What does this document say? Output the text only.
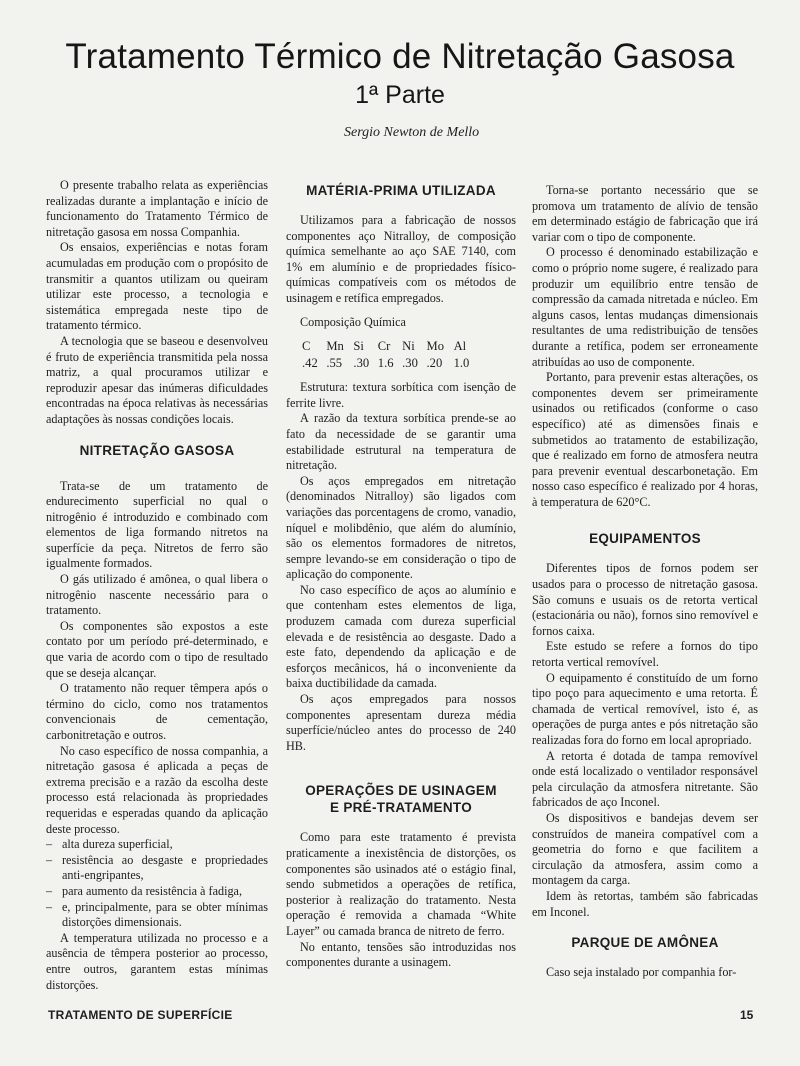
Tratamento Térmico de Nitretação Gasosa
1ª Parte
Sergio Newton de Mello

O presente trabalho relata as experiências realizadas durante a implantação e início de funcionamento do Tratamento Térmico de nitretação gasosa em nossa Companhia.

Os ensaios, experiências e notas foram acumuladas em produção com o propósito de transmitir a quantos utilizam ou queiram utilizar este processo, a tecnologia e sistemática empregada neste tipo de tratamento térmico.

A tecnologia que se baseou e desenvolveu é fruto de experiência transmitida pela nossa matriz, a qual procuramos utilizar e reproduzir apesar das inúmeras dificuldades encontradas na época relativas às necessárias adaptações às nossas condições locais.

NITRETAÇÃO GASOSA

Trata-se de um tratamento de endurecimento superficial no qual o nitrogênio é introduzido e combinado com elementos de liga formando nitretos na superfície da peça. Nitretos de ferro são igualmente formados.

O gás utilizado é amônea, o qual libera o nitrogênio nascente necessário para o tratamento.

Os componentes são expostos a este contato por um período pré-determinado, e que varia de acordo com o tipo de resultado que se deseja alcançar.

O tratamento não requer têmpera após o término do ciclo, como nos tratamentos convencionais de cementação, carbonitretação e outros.

No caso específico de nossa companhia, a nitretação gasosa é aplicada a peças de extrema precisão e a razão da escolha deste processo está relacionada às propriedades requeridas e esperadas quando da aplicação deste processo.

– alta dureza superficial,
– resistência ao desgaste e propriedades anti-engripantes,
– para aumento da resistência à fadiga,
– e, principalmente, para se obter mínimas distorções dimensionais.

A temperatura utilizada no processo e a ausência de têmpera posterior ao processo, entre outros, garantem estas mínimas distorções.

MATÉRIA-PRIMA UTILIZADA

Utilizamos para a fabricação de nossos componentes aço Nitralloy, de composição química semelhante ao aço SAE 7140, com 1% em alumínio e de propriedades físico-químicas compatíveis com os métodos de usinagem e retífica empregados.

Composição Química

C	Mn	Si	Cr	Ni	Mo	Al
.42	.55	.30	1.6	.30	.20	1.0

Estrutura: textura sorbítica com isenção de ferrite livre.

A razão da textura sorbítica prende-se ao fato da necessidade de se garantir uma estabilidade estrutural na temperatura de nitretação.

Os aços empregados em nitretação (denominados Nitralloy) são ligados com variações das porcentagens de cromo, vanadio, níquel e molibdênio, que além do alumínio, são os elementos formadores de nitretos, sempre levando-se em consideração o tipo de aplicação do componente.

No caso específico de aços ao alumínio e que contenham estes elementos de liga, produzem camada com dureza superficial elevada e de resistência ao desgaste. Dado a este fato, dependendo da aplicação e de esforços mecânicos, há o inconveniente da baixa ductibilidade da camada.

Os aços empregados para nossos componentes apresentam dureza média superfície/núcleo antes do processo de 240 HB.

OPERAÇÕES DE USINAGEM
E PRÉ-TRATAMENTO

Como para este tratamento é prevista praticamente a inexistência de distorções, os componentes são usinados até o estágio final, sendo submetidos a operações de retífica, posterior à realização do tratamento. Nesta operação é removida a chamada “White Layer” ou camada branca de nitreto de ferro.

No entanto, tensões são introduzidas nos componentes durante a usinagem.

Torna-se portanto necessário que se promova um tratamento de alívio de tensão em determinado estágio de fabricação que irá variar com o tipo de componente.

O processo é denominado estabilização e como o próprio nome sugere, é realizado para produzir um equilíbrio entre tensão de compressão da camada nitretada e núcleo. Em alguns casos, lentas mudanças dimensionais resultantes de uma redistribuição de tensões durante a retífica, podem ser erroneamente atribuídas ao uso de componente.

Portanto, para prevenir estas alterações, os componentes devem ser primeiramente usinados ou retificados (conforme o caso específico) até as dimensões finais e submetidos ao tratamento de estabilização, que é realizado em forno de atmosfera neutra para prevenir eventual descarbonetação. Em nosso caso específico é realizado por 4 horas, à temperatura de 620°C.

EQUIPAMENTOS

Diferentes tipos de fornos podem ser usados para o processo de nitretação gasosa. São comuns e usuais os de retorta vertical (estacionária ou não), fornos sino removível e fornos caixa.

Este estudo se refere a fornos do tipo retorta vertical removível.

O equipamento é constituído de um forno tipo poço para aquecimento e uma retorta. É chamada de vertical removível, isto é, as operações de purga antes e pós nitretação são realizadas fora do forno em local apropriado.

A retorta é dotada de tampa removível onde está localizado o ventilador responsável pela circulação da atmosfera nitretante. São fabricados de aço Inconel.

Os dispositivos e bandejas devem ser construídos de maneira compatível com a geometria do forno e que facilitem a circulação da atmosfera, assim como a montagem da carga.

Idem às retortas, também são fabricadas em Inconel.

PARQUE DE AMÔNEA

Caso seja instalado por companhia for-

TRATAMENTO DE SUPERFÍCIE	15
